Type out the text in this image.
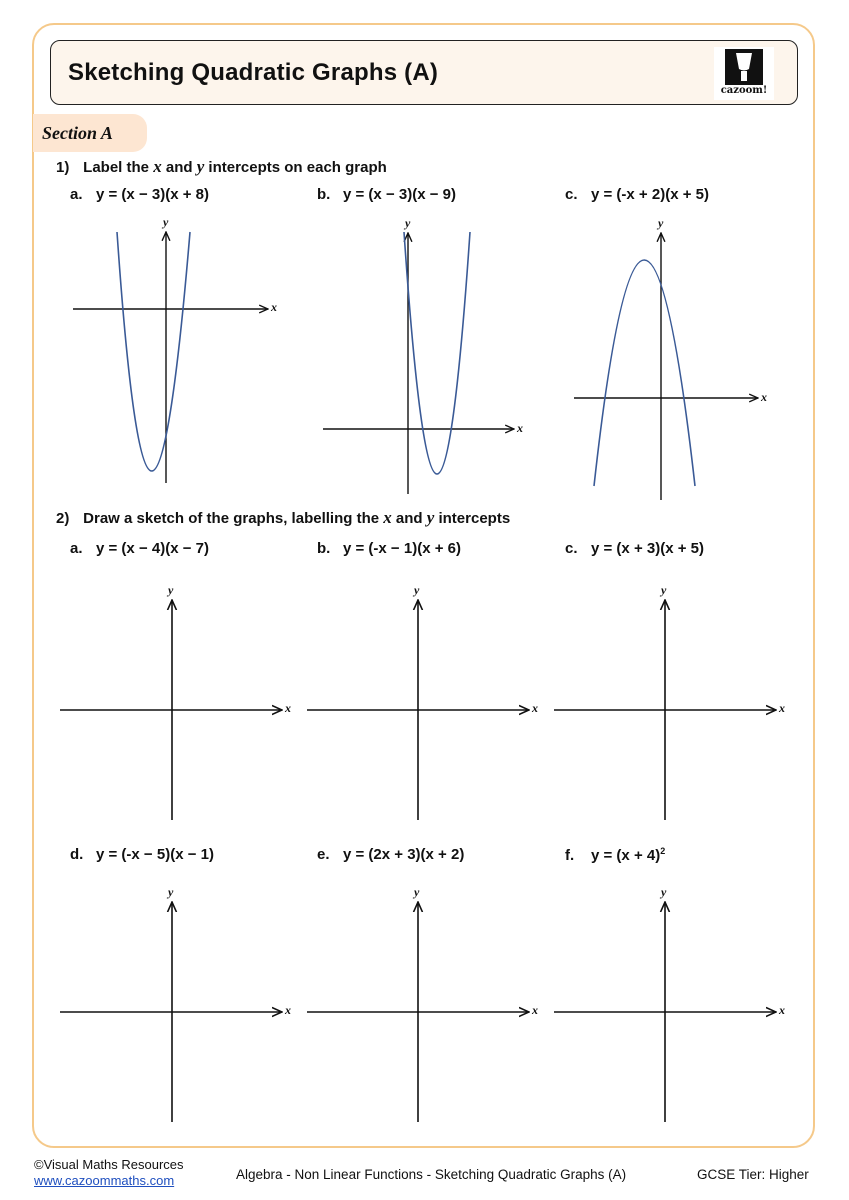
Sketching Quadratic Graphs (A)
cazoom!
Section A
1) Label the x and y intercepts on each graph
a. y = (x − 3)(x + 8)	b. y = (x − 3)(x − 9)	c. y = (-x + 2)(x + 5)
2) Draw a sketch of the graphs, labelling the x and y intercepts
a. y = (x − 4)(x − 7)	b. y = (-x − 1)(x + 6)	c. y = (x + 3)(x + 5)
d. y = (-x − 5)(x − 1)	e. y = (2x + 3)(x + 2)	f. $y = (x + 4)^2$
y
x
y
x
y
x
y
x
y
x
y
x
y
x
y
x
y
x
©Visual Maths Resources
www.cazoommaths.com	Algebra - Non Linear Functions - Sketching Quadratic Graphs (A)	GCSE Tier: Higher
